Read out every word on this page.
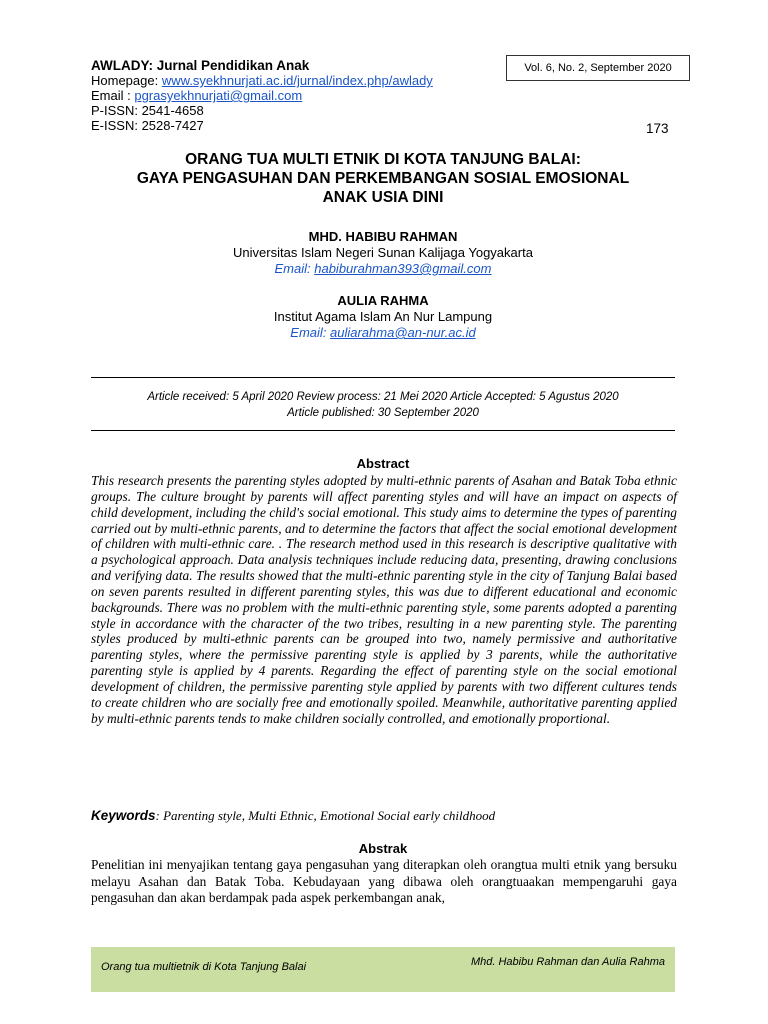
AWLADY: Jurnal Pendidikan Anak
Homepage: www.syekhnurjati.ac.id/jurnal/index.php/awlady
Email : pgrasyekhnurjati@gmail.com
P-ISSN: 2541-4658
E-ISSN: 2528-7427
Vol. 6, No. 2, September 2020
173
ORANG TUA MULTI ETNIK DI KOTA TANJUNG BALAI:
GAYA PENGASUHAN DAN PERKEMBANGAN SOSIAL EMOSIONAL
ANAK USIA DINI
MHD. HABIBU RAHMAN
Universitas Islam Negeri Sunan Kalijaga Yogyakarta
Email: habiburahman393@gmail.com
AULIA RAHMA
Institut Agama Islam An Nur Lampung
Email: auliarahma@an-nur.ac.id
Article received: 5 April 2020 Review process: 21 Mei 2020 Article Accepted: 5 Agustus 2020
Article published: 30 September 2020
Abstract

This research presents the parenting styles adopted by multi-ethnic parents of Asahan and Batak Toba ethnic groups. The culture brought by parents will affect parenting styles and will have an impact on aspects of child development, including the child's social emotional. This study aims to determine the types of parenting carried out by multi-ethnic parents, and to determine the factors that affect the social emotional development of children with multi-ethnic care. . The research method used in this research is descriptive qualitative with a psychological approach. Data analysis techniques include reducing data, presenting, drawing conclusions and verifying data. The results showed that the multi-ethnic parenting style in the city of Tanjung Balai based on seven parents resulted in different parenting styles, this was due to different educational and economic backgrounds. There was no problem with the multi-ethnic parenting style, some parents adopted a parenting style in accordance with the character of the two tribes, resulting in a new parenting style. The parenting styles produced by multi-ethnic parents can be grouped into two, namely permissive and authoritative parenting styles, where the permissive parenting style is applied by 3 parents, while the authoritative parenting style is applied by 4 parents. Regarding the effect of parenting style on the social emotional development of children, the permissive parenting style applied by parents with two different cultures tends to create children who are socially free and emotionally spoiled. Meanwhile, authoritative parenting applied by multi-ethnic parents tends to make children socially controlled, and emotionally proportional.

Keywords: Parenting style, Multi Ethnic, Emotional Social early childhood
Abstrak

Penelitian ini menyajikan tentang gaya pengasuhan yang diterapkan oleh orangtua multi etnik yang bersuku melayu Asahan dan Batak Toba. Kebudayaan yang dibawa oleh orangtuaakan mempengaruhi gaya pengasuhan dan akan berdampak pada aspek perkembangan anak,

Orang tua multietnik di Kota Tanjung Balai	Mhd. Habibu Rahman dan Aulia Rahma
